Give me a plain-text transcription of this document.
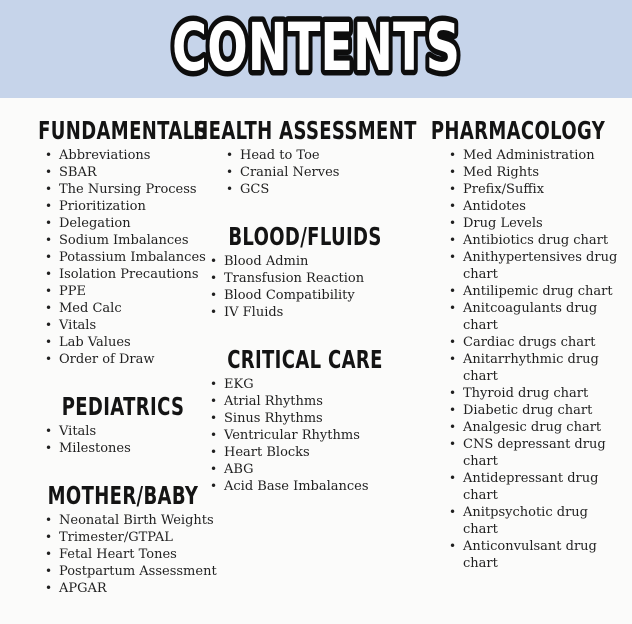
CONTENTS
FUNDAMENTALS
• Abbreviations
• SBAR
• The Nursing Process
• Prioritization
• Delegation
• Sodium Imbalances
• Potassium Imbalances
• Isolation Precautions
• PPE
• Med Calc
• Vitals
• Lab Values
• Order of Draw
PEDIATRICS
• Vitals
• Milestones
MOTHER/BABY
• Neonatal Birth Weights
• Trimester/GTPAL
• Fetal Heart Tones
• Postpartum Assessment
• APGAR
HEALTH ASSESSMENT
• Head to Toe
• Cranial Nerves
• GCS
BLOOD/FLUIDS
• Blood Admin
• Transfusion Reaction
• Blood Compatibility
• IV Fluids
CRITICAL CARE
• EKG
• Atrial Rhythms
• Sinus Rhythms
• Ventricular Rhythms
• Heart Blocks
• ABG
• Acid Base Imbalances
PHARMACOLOGY
• Med Administration
• Med Rights
• Prefix/Suffix
• Antidotes
• Drug Levels
• Antibiotics drug chart
• Anithypertensives drug
chart
• Antilipemic drug chart
• Anitcoagulants drug
chart
• Cardiac drugs chart
• Anitarrhythmic drug
chart
• Thyroid drug chart
• Diabetic drug chart
• Analgesic drug chart
• CNS depressant drug
chart
• Antidepressant drug
chart
• Anitpsychotic drug
chart
• Anticonvulsant drug
chart
